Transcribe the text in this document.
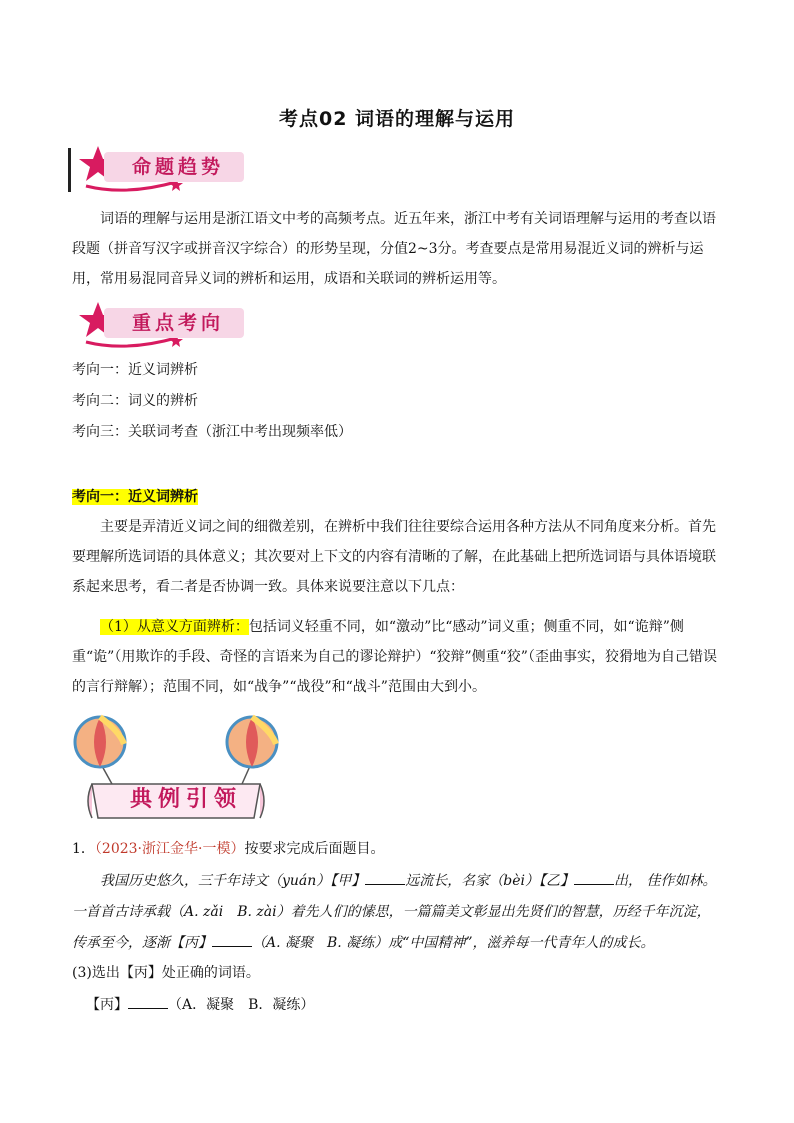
考点02 词语的理解与运用
命题趋势

词语的理解与运用是浙江语文中考的高频考点。近五年来，浙江中考有关词语理解与运用的考查以语段题（拼音写汉字或拼音汉字综合）的形势呈现，分值2~3分。考查要点是常用易混近义词的辨析与运用，常用易混同音异义词的辨析和运用，成语和关联词的辨析运用等。

重点考向
考向一：近义词辨析
考向二：词义的辨析
考向三：关联词考查（浙江中考出现频率低）
考向一：近义词辨析

主要是弄清近义词之间的细微差别，在辨析中我们往往要综合运用各种方法从不同角度来分析。首先要理解所选词语的具体意义；其次要对上下文的内容有清晰的了解，在此基础上把所选词语与具体语境联系起来思考，看二者是否协调一致。具体来说要注意以下几点：

（1）从意义方面辨析：包括词义轻重不同，如“激动”比“感动”词义重；侧重不同，如“诡辩”侧重“诡”（用欺诈的手段、奇怪的言语来为自己的谬论辩护）“狡辩”侧重“狡”（歪曲事实，狡猾地为自己错误的言行辩解）；范围不同，如“战争”“战役”和“战斗”范围由大到小。

典例引领
1．（2023·浙江金华·一模）按要求完成后面题目。
我国历史悠久，三千年诗文（yuán）【甲】	远流长，名家（bèi）【乙】	出， 佳作如林。
一首首古诗承载（A. zǎi　B. zài）着先人们的愫思，一篇篇美文彰显出先贤们的智慧，历经千年沉淀，
传承至今，逐渐【丙】	（A. 凝聚　B. 凝练）成“中国精神”，滋养每一代青年人的成长。
(3)选出【丙】处正确的词语。
【丙】	（A．凝聚　B．凝练）
